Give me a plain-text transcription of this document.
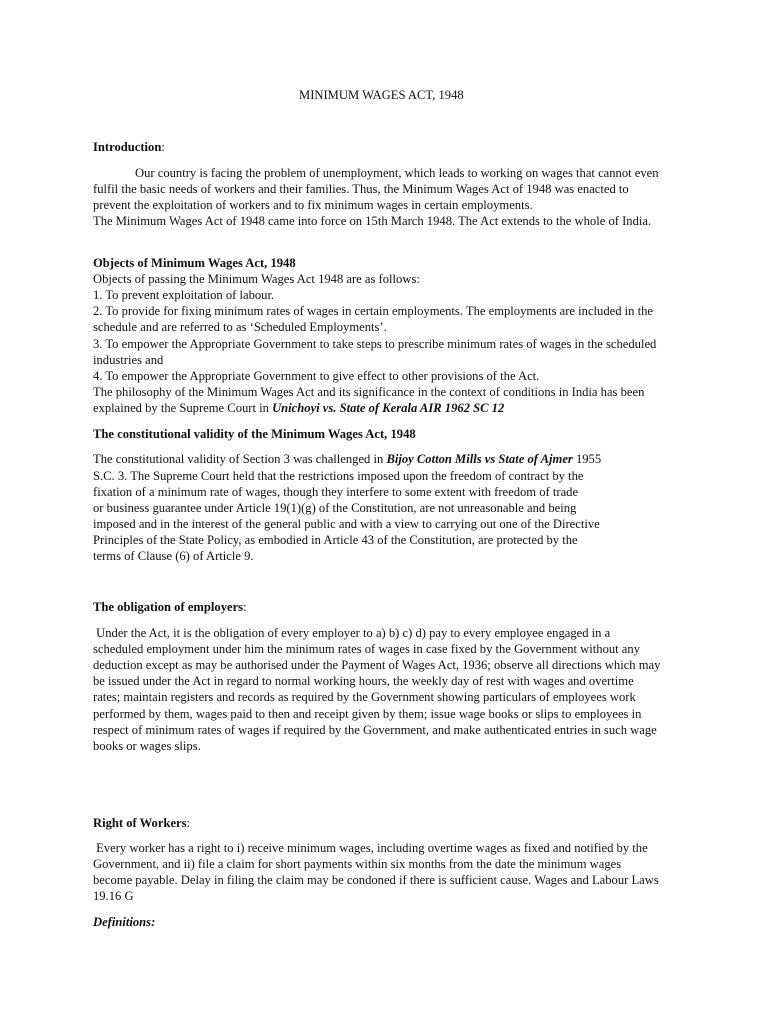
MINIMUM WAGES ACT, 1948
Introduction:
Our country is facing the problem of unemployment, which leads to working on wages that cannot even
fulfil the basic needs of workers and their families. Thus, the Minimum Wages Act of 1948 was enacted to
prevent the exploitation of workers and to fix minimum wages in certain employments.
The Minimum Wages Act of 1948 came into force on 15th March 1948. The Act extends to the whole of India.
Objects of Minimum Wages Act, 1948
Objects of passing the Minimum Wages Act 1948 are as follows:
1. To prevent exploitation of labour.
2. To provide for fixing minimum rates of wages in certain employments. The employments are included in the
schedule and are referred to as ‘Scheduled Employments’.
3. To empower the Appropriate Government to take steps to prescribe minimum rates of wages in the scheduled
industries and
4. To empower the Appropriate Government to give effect to other provisions of the Act.
The philosophy of the Minimum Wages Act and its significance in the context of conditions in India has been
explained by the Supreme Court in Unichoyi vs. State of Kerala AIR 1962 SC 12
The constitutional validity of the Minimum Wages Act, 1948
The constitutional validity of Section 3 was challenged in Bijoy Cotton Mills vs State of Ajmer 1955
S.C. 3. The Supreme Court held that the restrictions imposed upon the freedom of contract by the
fixation of a minimum rate of wages, though they interfere to some extent with freedom of trade
or business guarantee under Article 19(1)(g) of the Constitution, are not unreasonable and being
imposed and in the interest of the general public and with a view to carrying out one of the Directive
Principles of the State Policy, as embodied in Article 43 of the Constitution, are protected by the
terms of Clause (6) of Article 9.
The obligation of employers:
Under the Act, it is the obligation of every employer to a) b) c) d) pay to every employee engaged in a
scheduled employment under him the minimum rates of wages in case fixed by the Government without any
deduction except as may be authorised under the Payment of Wages Act, 1936; observe all directions which may
be issued under the Act in regard to normal working hours, the weekly day of rest with wages and overtime
rates; maintain registers and records as required by the Government showing particulars of employees work
performed by them, wages paid to then and receipt given by them; issue wage books or slips to employees in
respect of minimum rates of wages if required by the Government, and make authenticated entries in such wage
books or wages slips.
Right of Workers:
Every worker has a right to i) receive minimum wages, including overtime wages as fixed and notified by the
Government, and ii) file a claim for short payments within six months from the date the minimum wages
become payable. Delay in filing the claim may be condoned if there is sufficient cause. Wages and Labour Laws
19.16 G
Definitions:
